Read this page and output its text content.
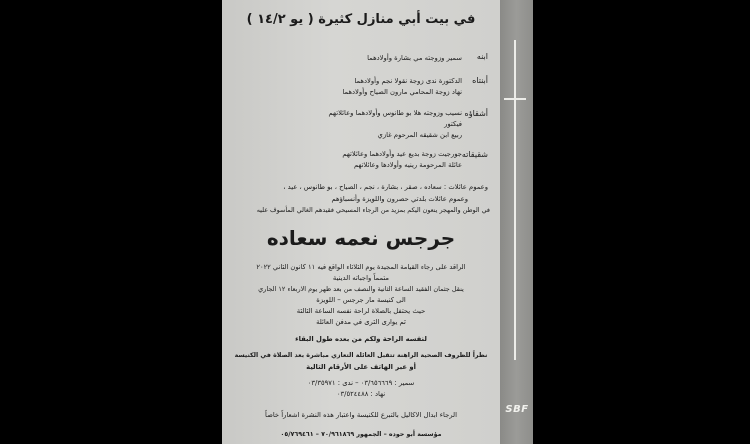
SBF
في بيت أبي منازل كثيرة ( يو ١٤/٢ )
ابنه
سمير وزوجته مي بشارة وأولادهما
أبنتاه
الدكتورة ندى زوجة نقولا نجم وأولادهما
نهاد زوجة المحامي مارون الصياح وأولادهما
أشقاؤه
نسيب وزوجته هلا بو طانوس وأولادهما وعائلاتهم
فيكتور
ربيع ابن شقيقه المرحوم غازي
شقيقاته
جورجيت زوجة بديع عيد وأولادهما وعائلاتهم
عائلة المرحومة رينيه وأولادها وعائلاتهم
وعموم عائلات : سعاده ، صقر ، بشارة ، نجم ، الصياح ، بو طانوس ، عيد ،
وعموم عائلات بلدتي حصرون واللويزة وأنسباؤهم
في الوطن والمهجر ينعون اليكم بمزيد من الرجاء المسيحي فقيدهم الغالي المأسوف عليه
جرجس نعمه سعاده
الراقد على رجاء القيامة المجيدة يوم الثلاثاء الواقع فيه ١١ كانون الثاني ٢٠٢٢
متمماً واجباته الدينية
ينقل جثمان الفقيد الساعة الثانية والنصف من بعد ظهر يوم الاربعاء ١٢ الجاري
الى كنيسة مار جرجس – اللويزة
حيث يحتفل بالصلاة لراحة نفسه الساعة الثالثة
ثم يوارى الثرى في مدفن العائلة
لنفسه الراحة ولكم من بعده طول البقاء
نظراً للظروف الصحية الراهنة تتقبل العائلة التعازي مباشرة بعد الصلاة في الكنيسة
أو عبر الهاتف على الأرقام التالية
سمير : ٠٣/٦٥٦٦٦٩ – ندى : ٠٣/٣٥٩٧١
نهاد : ٠٣/٥٢٤٤٨٨
الرجاء ابدال الاكاليل بالتبرع للكنيسة واعتبار هذه النشرة اشعاراً خاصاً
مؤسسة أبو حوده – الجمهور ٧٠/٩٦١٨٦٩ – ٠٥/٧٦٩٤٦١
